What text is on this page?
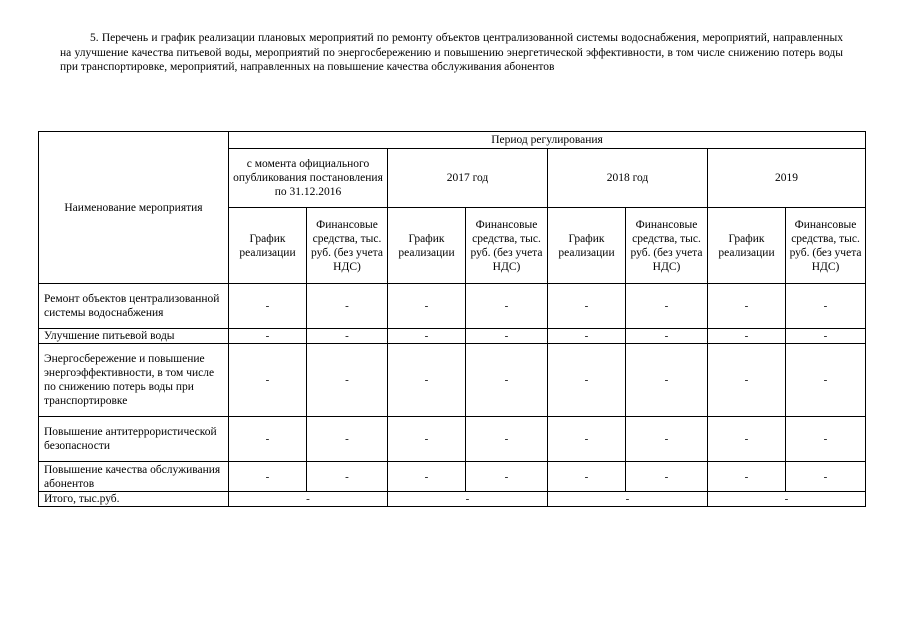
5. Перечень и график реализации плановых мероприятий по ремонту объектов централизованной системы водоснабжения, мероприятий, направленных на улучшение качества питьевой воды, мероприятий по энергосбережению и повышению энергетической эффективности, в том числе снижению потерь воды при транспортировке, мероприятий, направленных на повышение качества обслуживания абонентов
Наименование мероприятия	Период регулирования							
	с момента официального опубликования постановления по 31.12.2016		2017 год		2018 год		2019	
	График реализации	Финансовые средства, тыс. руб. (без учета НДС)	График реализации	Финансовые средства, тыс. руб. (без учета НДС)	График реализации	Финансовые средства, тыс. руб. (без учета НДС)	График реализации	Финансовые средства, тыс. руб. (без учета НДС)
Ремонт объектов централизованной системы водоснабжения	-	-	-	-	-	-	-	-
Улучшение питьевой воды	-	-	-	-	-	-	-	-
Энергосбережение и повышение энергоэффективности, в том числе по снижению потерь воды при транспортировке	-	-	-	-	-	-	-	-
Повышение антитеррористической безопасности	-	-	-	-	-	-	-	-
Повышение качества обслуживания абонентов	-	-	-	-	-	-	-	-
Итого, тыс.руб.	-		-		-		-	
